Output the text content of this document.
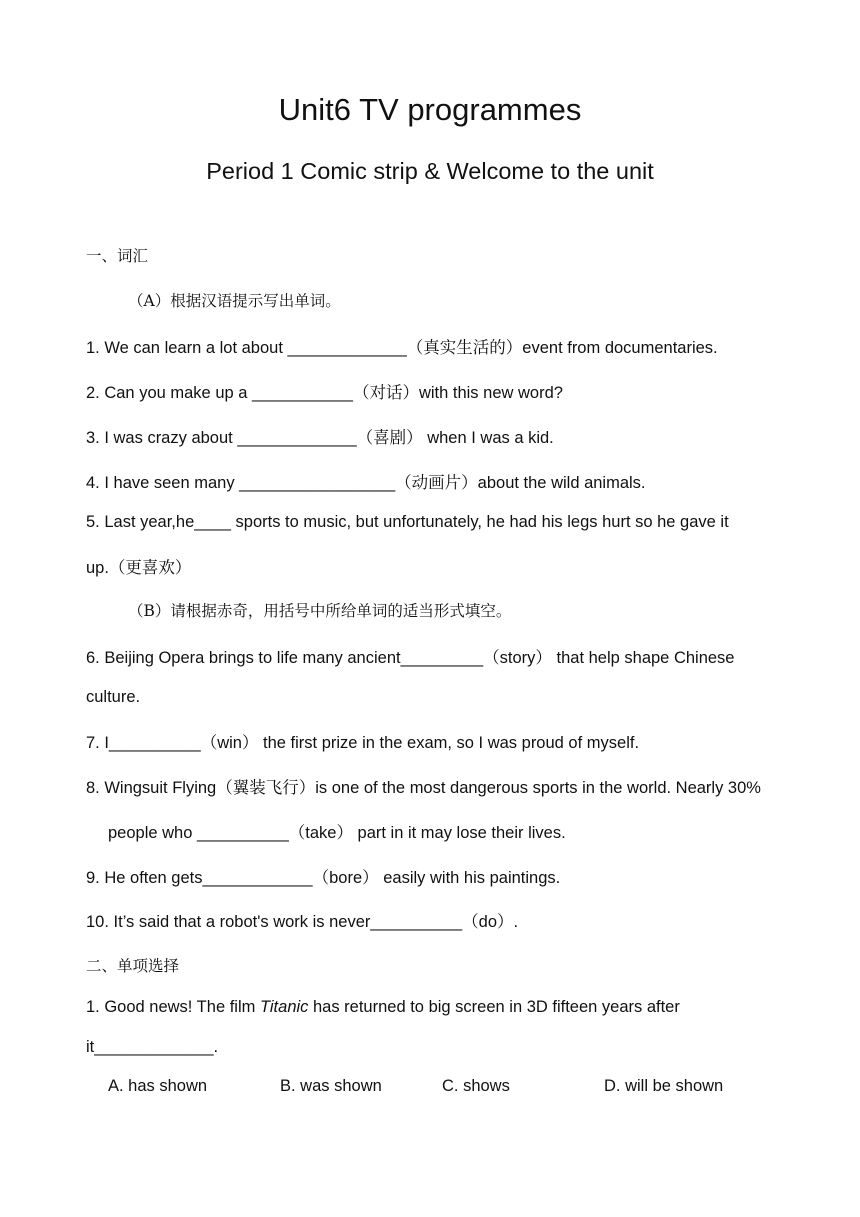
Unit6 TV programmes
Period 1 Comic strip & Welcome to the unit
一、词汇
（A）根据汉语提示写出单词。
1. We can learn a lot about _____________（真实生活的）event from documentaries.
2. Can you make up a ___________（对话）with this new word?
3. I was crazy about _____________（喜剧） when I was a kid.
4. I have seen many _________________（动画片）about the wild animals.
5. Last year,he____ sports to music, but unfortunately, he had his legs hurt so he gave it
up.（更喜欢）
（B）请根据赤奇，用括号中所给单词的适当形式填空。
6. Beijing Opera brings to life many ancient_________（story） that help shape Chinese
culture.
7. I__________（win） the first prize in the exam, so I was proud of myself.
8. Wingsuit Flying（翼装飞行）is one of the most dangerous sports in the world. Nearly 30%
people who __________（take） part in it may lose their lives.
9. He often gets____________（bore） easily with his paintings.
10. It’s said that a robot's work is never__________（do）.
二、单项选择
1. Good news! The film Titanic has returned to big screen in 3D fifteen years after
it_____________.
A. has shown	B. was shown	C. shows	D. will be shown
